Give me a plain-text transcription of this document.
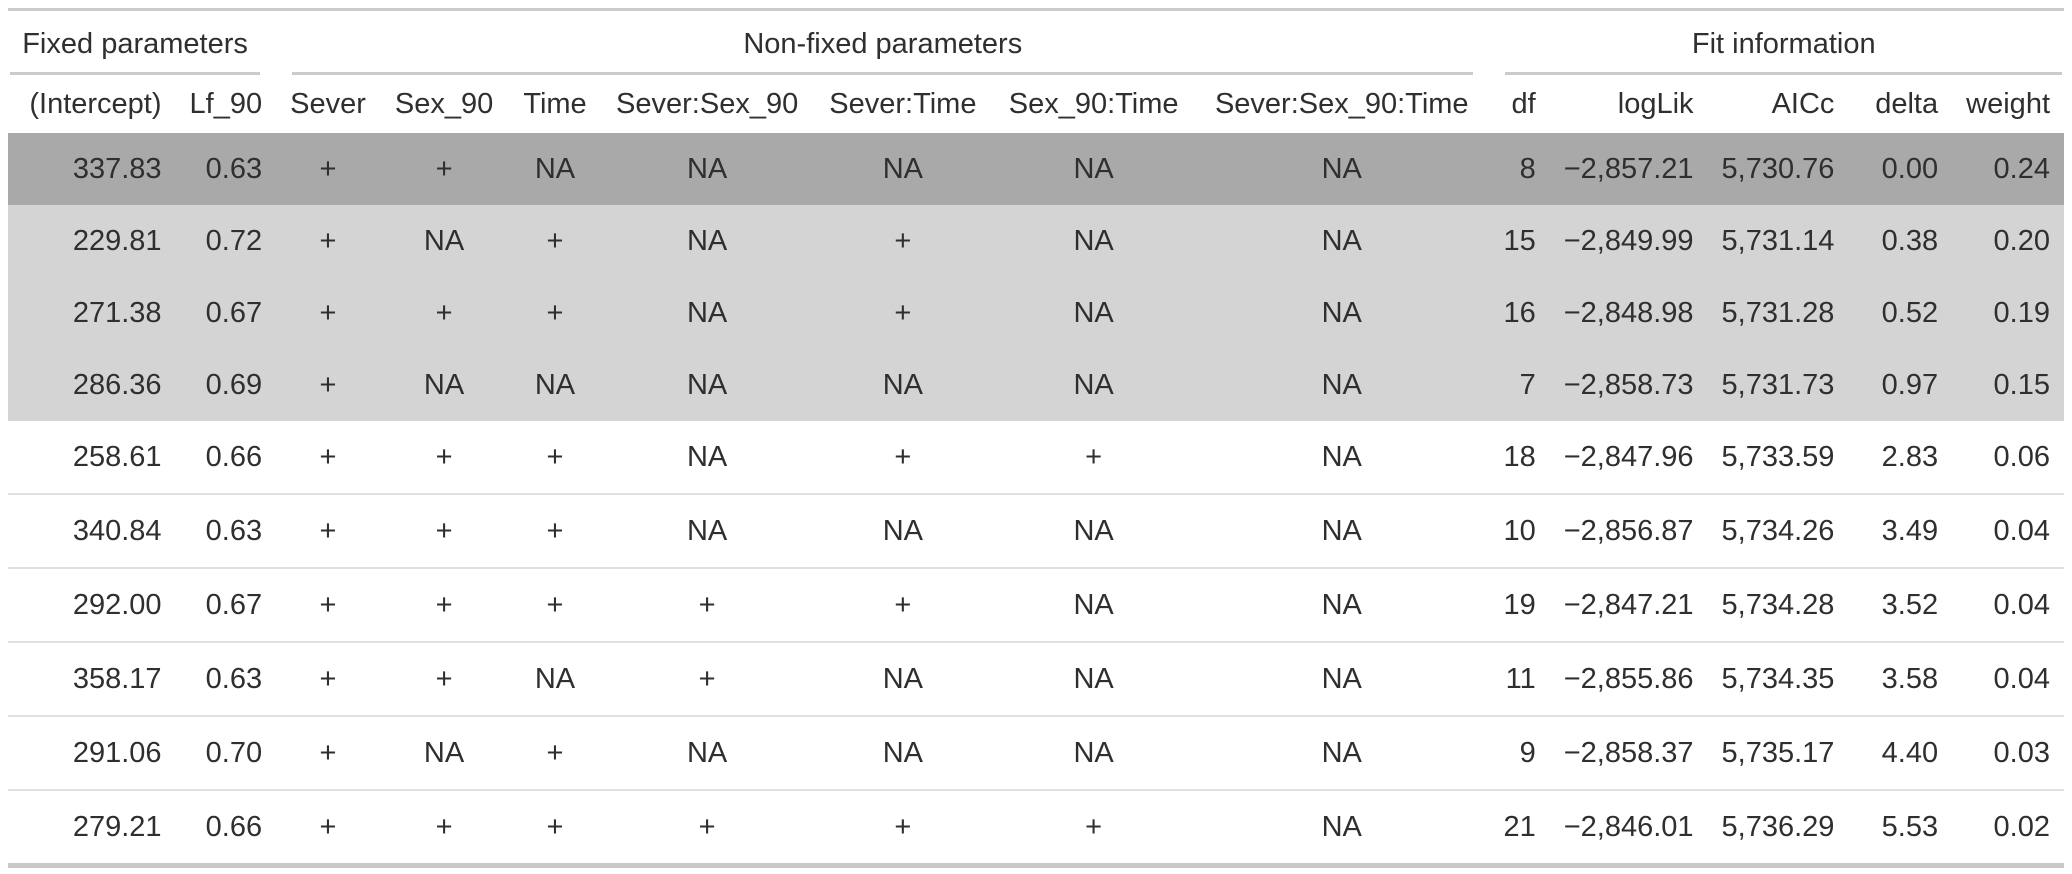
Fixed parameters		Non-fixed parameters							Fit information				

(Intercept)	Lf_90	Sever	Sex_90	Time	Sever:Sex_90	Sever:Time	Sex_90:Time	Sever:Sex_90:Time	df	logLik	AICc	delta	weight
337.83	0.63	+	+	NA	NA	NA	NA	NA	8	−2,857.21	5,730.76	0.00	0.24
229.81	0.72	+	NA	+	NA	+	NA	NA	15	−2,849.99	5,731.14	0.38	0.20
271.38	0.67	+	+	+	NA	+	NA	NA	16	−2,848.98	5,731.28	0.52	0.19
286.36	0.69	+	NA	NA	NA	NA	NA	NA	7	−2,858.73	5,731.73	0.97	0.15
258.61	0.66	+	+	+	NA	+	+	NA	18	−2,847.96	5,733.59	2.83	0.06
340.84	0.63	+	+	+	NA	NA	NA	NA	10	−2,856.87	5,734.26	3.49	0.04
292.00	0.67	+	+	+	+	+	NA	NA	19	−2,847.21	5,734.28	3.52	0.04
358.17	0.63	+	+	NA	+	NA	NA	NA	11	−2,855.86	5,734.35	3.58	0.04
291.06	0.70	+	NA	+	NA	NA	NA	NA	9	−2,858.37	5,735.17	4.40	0.03
279.21	0.66	+	+	+	+	+	+	NA	21	−2,846.01	5,736.29	5.53	0.02
